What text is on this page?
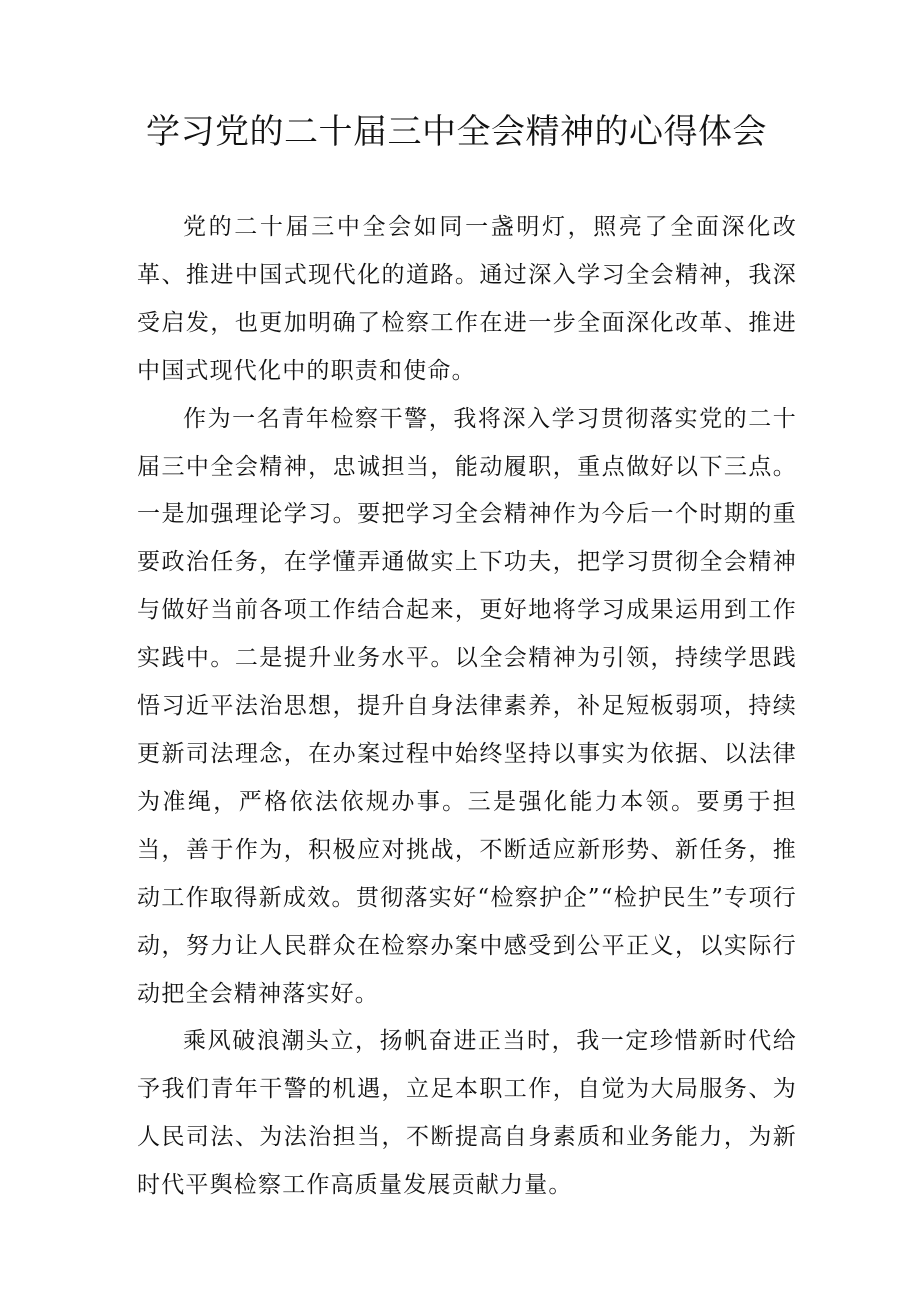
学习党的二十届三中全会精神的心得体会

党的二十届三中全会如同一盏明灯，照亮了全面深化改革、推进中国式现代化的道路。通过深入学习全会精神，我深受启发，也更加明确了检察工作在进一步全面深化改革、推进中国式现代化中的职责和使命。

作为一名青年检察干警，我将深入学习贯彻落实党的二十届三中全会精神，忠诚担当，能动履职，重点做好以下三点。一是加强理论学习。要把学习全会精神作为今后一个时期的重要政治任务，在学懂弄通做实上下功夫，把学习贯彻全会精神与做好当前各项工作结合起来，更好地将学习成果运用到工作实践中。二是提升业务水平。以全会精神为引领，持续学思践悟习近平法治思想，提升自身法律素养，补足短板弱项，持续更新司法理念，在办案过程中始终坚持以事实为依据、以法律为准绳，严格依法依规办事。三是强化能力本领。要勇于担当，善于作为，积极应对挑战，不断适应新形势、新任务，推动工作取得新成效。贯彻落实好“检察护企”“检护民生”专项行动，努力让人民群众在检察办案中感受到公平正义，以实际行动把全会精神落实好。

乘风破浪潮头立，扬帆奋进正当时，我一定珍惜新时代给予我们青年干警的机遇，立足本职工作，自觉为大局服务、为人民司法、为法治担当，不断提高自身素质和业务能力，为新时代平舆检察工作高质量发展贡献力量。
